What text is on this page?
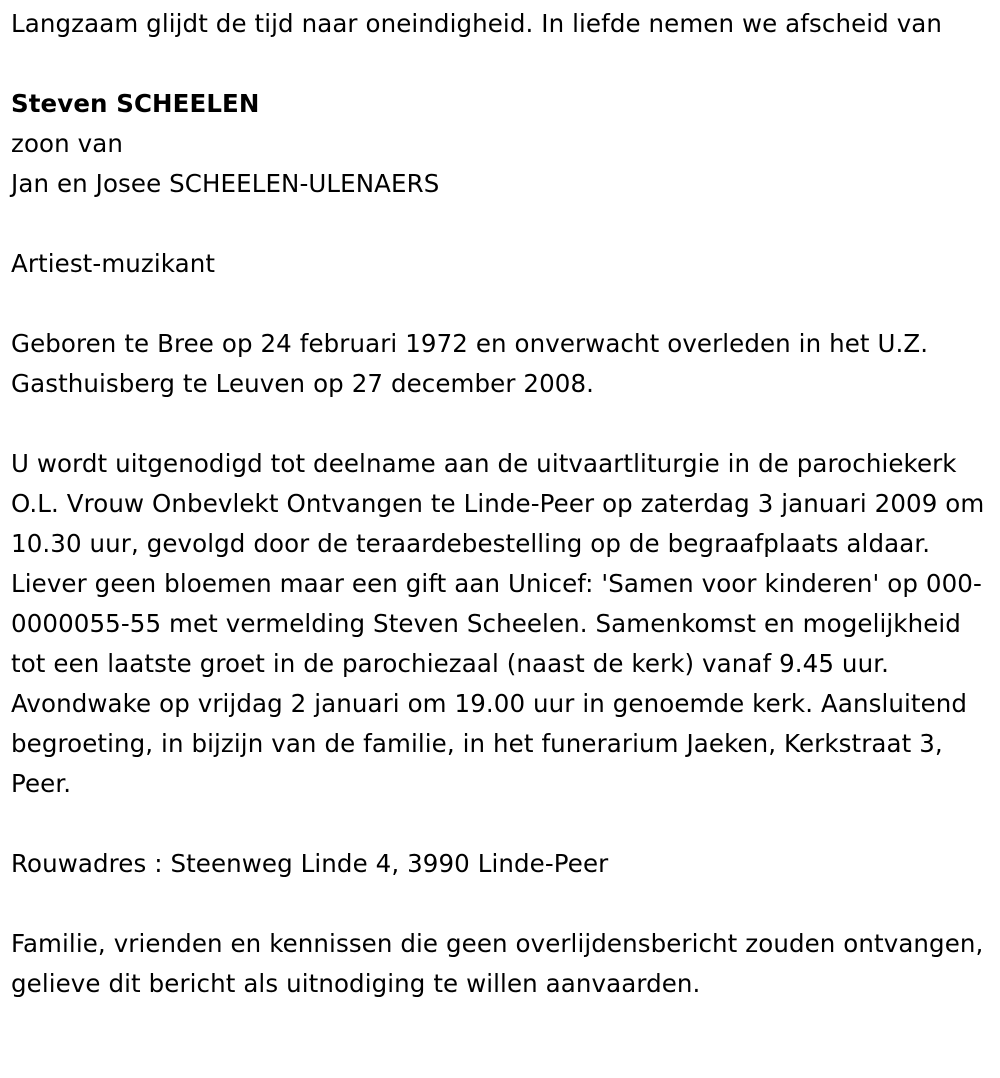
Langzaam glijdt de tijd naar oneindigheid. In liefde nemen we afscheid van

Steven SCHEELEN

zoon van

Jan en Josee SCHEELEN-ULENAERS

Artiest-muzikant

Geboren te Bree op 24 februari 1972 en onverwacht overleden in het U.Z. Gasthuisberg te Leuven op 27 december 2008.

U wordt uitgenodigd tot deelname aan de uitvaartliturgie in de parochiekerk O.L. Vrouw Onbevlekt Ontvangen te Linde-Peer op zaterdag 3 januari 2009 om 10.30 uur, gevolgd door de teraardebestelling op de begraafplaats aldaar. Liever geen bloemen maar een gift aan Unicef: 'Samen voor kinderen' op 000-0000055-55 met vermelding Steven Scheelen. Samenkomst en mogelijkheid tot een laatste groet in de parochiezaal (naast de kerk) vanaf 9.45 uur. Avondwake op vrijdag 2 januari om 19.00 uur in genoemde kerk. Aansluitend begroeting, in bijzijn van de familie, in het funerarium Jaeken, Kerkstraat 3, Peer.

Rouwadres : Steenweg Linde 4, 3990 Linde-Peer

Familie, vrienden en kennissen die geen overlijdensbericht zouden ontvangen, gelieve dit bericht als uitnodiging te willen aanvaarden.
